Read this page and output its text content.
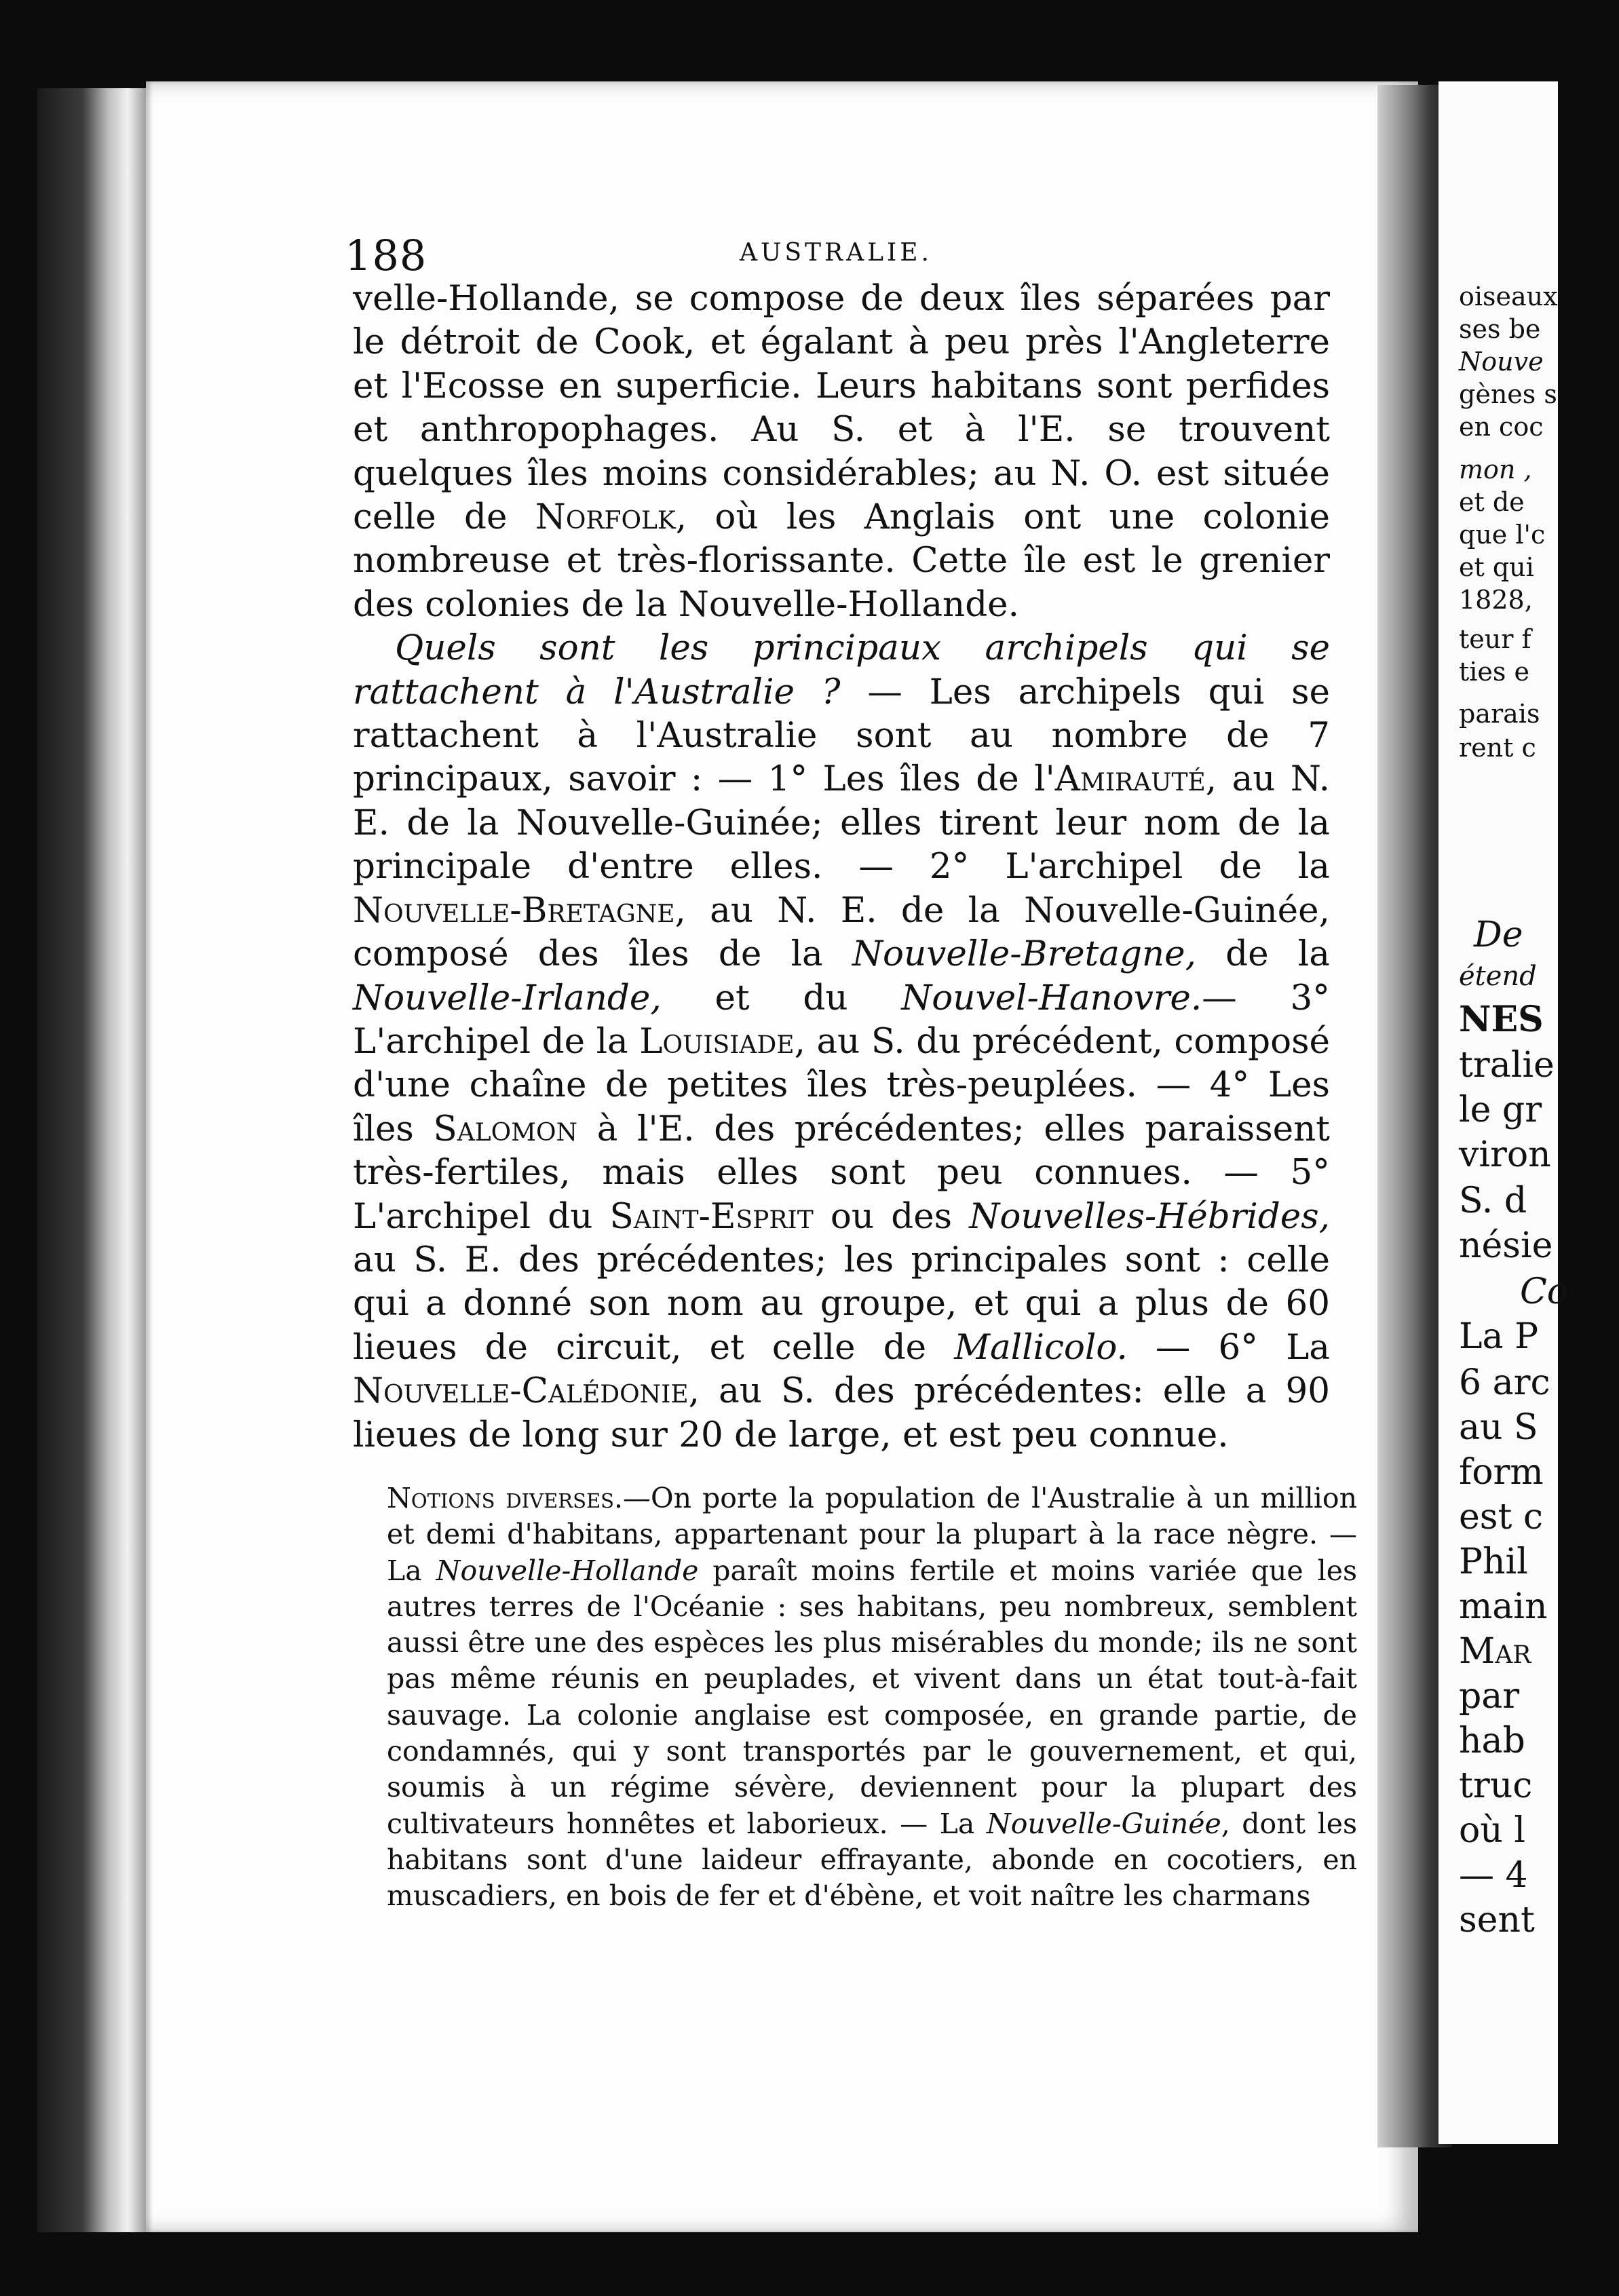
188	AUSTRALIE.

velle-Hollande, se compose de deux îles séparées par le détroit de Cook, et égalant à peu près l'Angleterre et l'Ecosse en superficie. Leurs habitans sont perfides et anthropophages. Au S. et à l'E. se trouvent quelques îles moins considérables; au N. O. est située celle de Norfolk, où les Anglais ont une colonie nombreuse et très-florissante. Cette île est le grenier des colonies de la Nouvelle-Hollande.

Quels sont les principaux archipels qui se rattachent à l'Australie ? — Les archipels qui se rattachent à l'Australie sont au nombre de 7 principaux, savoir : — 1° Les îles de l'Amirauté, au N. E. de la Nouvelle-Guinée; elles tirent leur nom de la principale d'entre elles. — 2° L'archipel de la Nouvelle-Bretagne, au N. E. de la Nouvelle-Guinée, composé des îles de la Nouvelle-Bretagne, de la Nouvelle-Irlande, et du Nouvel-Hanovre.— 3° L'archipel de la Louisiade, au S. du précédent, composé d'une chaîne de petites îles très-peuplées. — 4° Les îles Salomon à l'E. des précédentes; elles paraissent très-fertiles, mais elles sont peu connues. — 5° L'archipel du Saint-Esprit ou des Nouvelles-Hébrides, au S. E. des précédentes; les principales sont : celle qui a donné son nom au groupe, et qui a plus de 60 lieues de circuit, et celle de Mallicolo. — 6° La Nouvelle-Calédonie, au S. des précédentes: elle a 90 lieues de long sur 20 de large, et est peu connue.

Notions diverses.—On porte la population de l'Australie à un million et demi d'habitans, appartenant pour la plupart à la race nègre. — La Nouvelle-Hollande paraît moins fertile et moins variée que les autres terres de l'Océanie : ses habitans, peu nombreux, semblent aussi être une des espèces les plus misérables du monde; ils ne sont pas même réunis en peuplades, et vivent dans un état tout-à-fait sauvage. La colonie anglaise est composée, en grande partie, de condamnés, qui y sont transportés par le gouvernement, et qui, soumis à un régime sévère, deviennent pour la plupart des cultivateurs honnêtes et laborieux. — La Nouvelle-Guinée, dont les habitans sont d'une laideur effrayante, abonde en cocotiers, en muscadiers, en bois de fer et d'ébène, et voit naître les charmans

oiseaux
ses be
Nouve
gènes s
en coc
mon ,
et de
que l'c
et qui
1828,
teur f
ties e
parais
rent c
De
étend
NES
tralie
le gr
viron
S. d
nésie
Co
La P
6 arc
au S
form
est c
Phil
main
Mar
par
hab
truc
où l
— 4
sent
